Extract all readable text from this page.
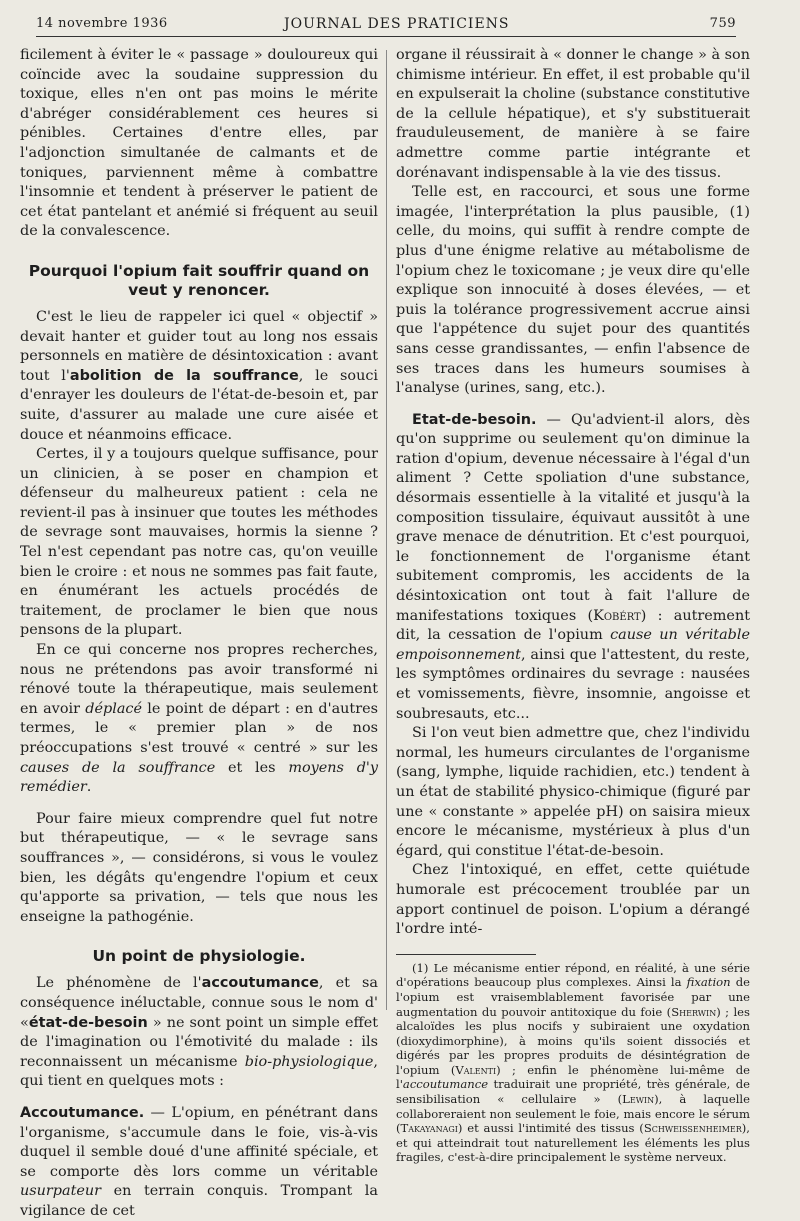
14 novembre 1936	JOURNAL DES PRATICIENS	759

ficilement à éviter le « passage » douloureux qui coïncide avec la soudaine suppression du toxique, elles n'en ont pas moins le mérite d'abréger considérablement ces heures si pénibles. Certaines d'entre elles, par l'adjonction simultanée de calmants et de toniques, parviennent même à combattre l'insomnie et tendent à préserver le patient de cet état pantelant et anémié si fréquent au seuil de la convalescence.

Pourquoi l'opium fait souffrir quand on veut y renoncer.

C'est le lieu de rappeler ici quel « objectif » devait hanter et guider tout au long nos essais personnels en matière de désintoxication : avant tout l'abolition de la souffrance, le souci d'enrayer les douleurs de l'état-de-besoin et, par suite, d'assurer au malade une cure aisée et douce et néanmoins efficace.

Certes, il y a toujours quelque suffisance, pour un clinicien, à se poser en champion et défenseur du malheureux patient : cela ne revient-il pas à insinuer que toutes les méthodes de sevrage sont mauvaises, hormis la sienne ? Tel n'est cependant pas notre cas, qu'on veuille bien le croire : et nous ne sommes pas fait faute, en énumérant les actuels procédés de traitement, de proclamer le bien que nous pensons de la plupart.

En ce qui concerne nos propres recherches, nous ne prétendons pas avoir transformé ni rénové toute la thérapeutique, mais seulement en avoir déplacé le point de départ : en d'autres termes, le « premier plan » de nos préoccupations s'est trouvé « centré » sur les causes de la souffrance et les moyens d'y remédier.

Pour faire mieux comprendre quel fut notre but thérapeutique, — « le sevrage sans souffrances », — considérons, si vous le voulez bien, les dégâts qu'engendre l'opium et ceux qu'apporte sa privation, — tels que nous les enseigne la pathogénie.

Un point de physiologie.

Le phénomène de l'accoutumance, et sa conséquence inéluctable, connue sous le nom d' «état-de-besoin » ne sont point un simple effet de l'imagination ou l'émotivité du malade : ils reconnaissent un mécanisme bio-physiologique, qui tient en quelques mots :

Accoutumance. — L'opium, en pénétrant dans l'organisme, s'accumule dans le foie, vis-à-vis duquel il semble doué d'une affinité spéciale, et se comporte dès lors comme un véritable usurpateur en terrain conquis. Trompant la vigilance de cet

organe il réussirait à « donner le change » à son chimisme intérieur. En effet, il est probable qu'il en expulserait la choline (substance constitutive de la cellule hépatique), et s'y substituerait frauduleusement, de manière à se faire admettre comme partie intégrante et dorénavant indispensable à la vie des tissus.

Telle est, en raccourci, et sous une forme imagée, l'interprétation la plus pausible, (1) celle, du moins, qui suffit à rendre compte de plus d'une énigme relative au métabolisme de l'opium chez le toxicomane ; je veux dire qu'elle explique son innocuité à doses élevées, — et puis la tolérance progressivement accrue ainsi que l'appétence du sujet pour des quantités sans cesse grandissantes, — enfin l'absence de ses traces dans les humeurs soumises à l'analyse (urines, sang, etc.).

Etat-de-besoin. — Qu'advient-il alors, dès qu'on supprime ou seulement qu'on diminue la ration d'opium, devenue nécessaire à l'égal d'un aliment ? Cette spoliation d'une substance, désormais essentielle à la vitalité et jusqu'à la composition tissulaire, équivaut aussitôt à une grave menace de dénutrition. Et c'est pourquoi, le fonctionnement de l'organisme étant subitement compromis, les accidents de la désintoxication ont tout à fait l'allure de manifestations toxiques (Kobért) : autrement dit, la cessation de l'opium cause un véritable empoisonnement, ainsi que l'attestent, du reste, les symptômes ordinaires du sevrage : nausées et vomissements, fièvre, insomnie, angoisse et soubresauts, etc...

Si l'on veut bien admettre que, chez l'individu normal, les humeurs circulantes de l'organisme (sang, lymphe, liquide rachidien, etc.) tendent à un état de stabilité physico-chimique (figuré par une « constante » appelée pH) on saisira mieux encore le mécanisme, mystérieux à plus d'un égard, qui constitue l'état-de-besoin.

Chez l'intoxiqué, en effet, cette quiétude humorale est précocement troublée par un apport continuel de poison. L'opium a dérangé l'ordre inté-

(1) Le mécanisme entier répond, en réalité, à une série d'opérations beaucoup plus complexes. Ainsi la fixation de l'opium est vraisemblablement favorisée par une augmentation du pouvoir antitoxique du foie (Sherwin) ; les alcaloïdes les plus nocifs y subiraient une oxydation (dioxydimorphine), à moins qu'ils soient dissociés et digérés par les propres produits de désintégration de l'opium (Valenti) ; enfin le phénomène lui-même de l'accoutumance traduirait une propriété, très générale, de sensibilisation « cellulaire » (Lewin), à laquelle collaboreraient non seulement le foie, mais encore le sérum (Takayanagi) et aussi l'intimité des tissus (Schweissenheimer), et qui atteindrait tout naturellement les éléments les plus fragiles, c'est-à-dire principalement le système nerveux.
